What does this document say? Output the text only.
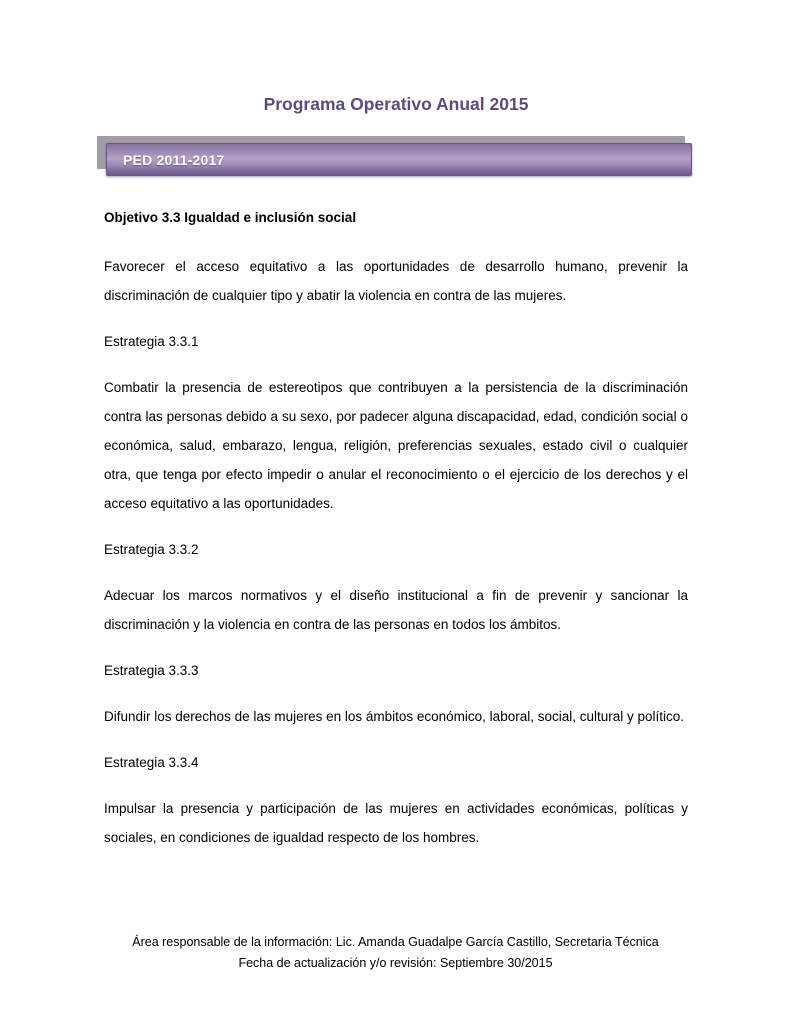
Programa Operativo Anual 2015
PED 2011-2017
Objetivo 3.3 Igualdad e inclusión social

Favorecer el acceso equitativo a las oportunidades de desarrollo humano, prevenir la discriminación de cualquier tipo y abatir la violencia en contra de las mujeres.

Estrategia 3.3.1

Combatir la presencia de estereotipos que contribuyen a la persistencia de la discriminación contra las personas debido a su sexo, por padecer alguna discapacidad, edad, condición social o económica, salud, embarazo, lengua, religión, preferencias sexuales, estado civil o cualquier otra, que tenga por efecto impedir o anular el reconocimiento o el ejercicio de los derechos y el acceso equitativo a las oportunidades.

Estrategia 3.3.2

Adecuar los marcos normativos y el diseño institucional a fin de prevenir y sancionar la discriminación y la violencia en contra de las personas en todos los ámbitos.

Estrategia 3.3.3

Difundir los derechos de las mujeres en los ámbitos económico, laboral, social, cultural y político.

Estrategia 3.3.4

Impulsar la presencia y participación de las mujeres en actividades económicas, políticas y sociales, en condiciones de igualdad respecto de los hombres.

Área responsable de la información: Lic. Amanda Guadalpe García Castillo, Secretaria Técnica
Fecha de actualización y/o revisión: Septiembre 30/2015
